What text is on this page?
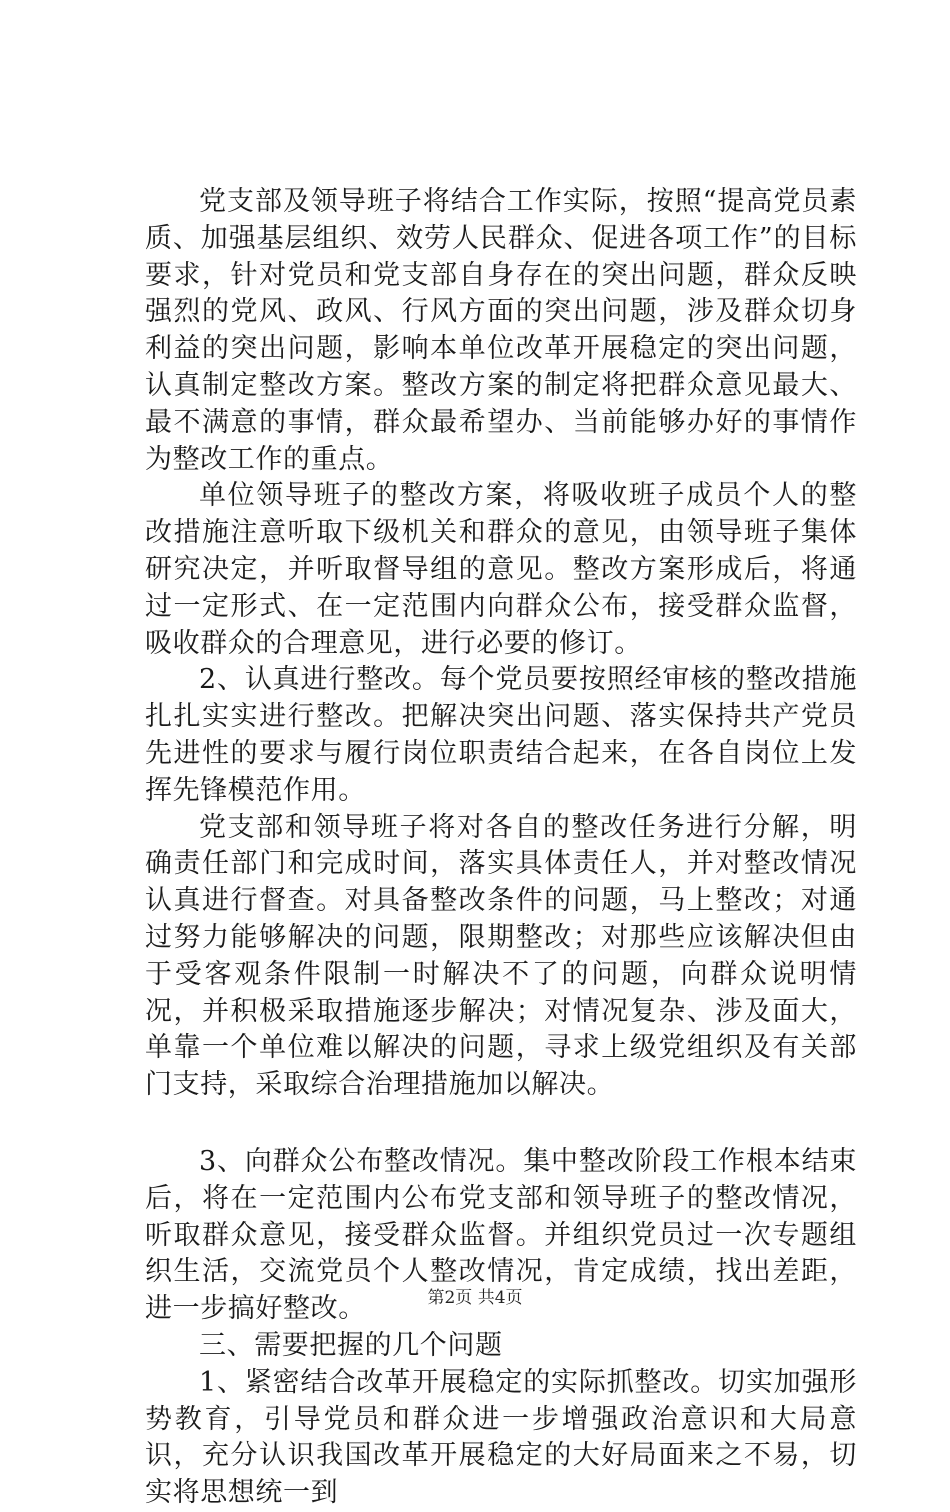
党支部及领导班子将结合工作实际，按照“提高党员素质、加强基层组织、效劳人民群众、促进各项工作”的目标要求，针对党员和党支部自身存在的突出问题，群众反映强烈的党风、政风、行风方面的突出问题，涉及群众切身利益的突出问题，影响本单位改革开展稳定的突出问题，认真制定整改方案。整改方案的制定将把群众意见最大、最不满意的事情，群众最希望办、当前能够办好的事情作为整改工作的重点。

单位领导班子的整改方案，将吸收班子成员个人的整改措施注意听取下级机关和群众的意见，由领导班子集体研究决定，并听取督导组的意见。整改方案形成后，将通过一定形式、在一定范围内向群众公布，接受群众监督，吸收群众的合理意见，进行必要的修订。

2、认真进行整改。每个党员要按照经审核的整改措施扎扎实实进行整改。把解决突出问题、落实保持共产党员先进性的要求与履行岗位职责结合起来，在各自岗位上发挥先锋模范作用。

党支部和领导班子将对各自的整改任务进行分解，明确责任部门和完成时间，落实具体责任人，并对整改情况认真进行督查。对具备整改条件的问题，马上整改；对通过努力能够解决的问题，限期整改；对那些应该解决但由于受客观条件限制一时解决不了的问题，向群众说明情况，并积极采取措施逐步解决；对情况复杂、涉及面大，单靠一个单位难以解决的问题，寻求上级党组织及有关部门支持，采取综合治理措施加以解决。

3、向群众公布整改情况。集中整改阶段工作根本结束后，将在一定范围内公布党支部和领导班子的整改情况，听取群众意见，接受群众监督。并组织党员过一次专题组织生活，交流党员个人整改情况，肯定成绩，找出差距，进一步搞好整改。

三、需要把握的几个问题

1、紧密结合改革开展稳定的实际抓整改。切实加强形势教育，引导党员和群众进一步增强政治意识和大局意识，充分认识我国改革开展稳定的大好局面来之不易，切实将思想统一到

第2页 共4页
